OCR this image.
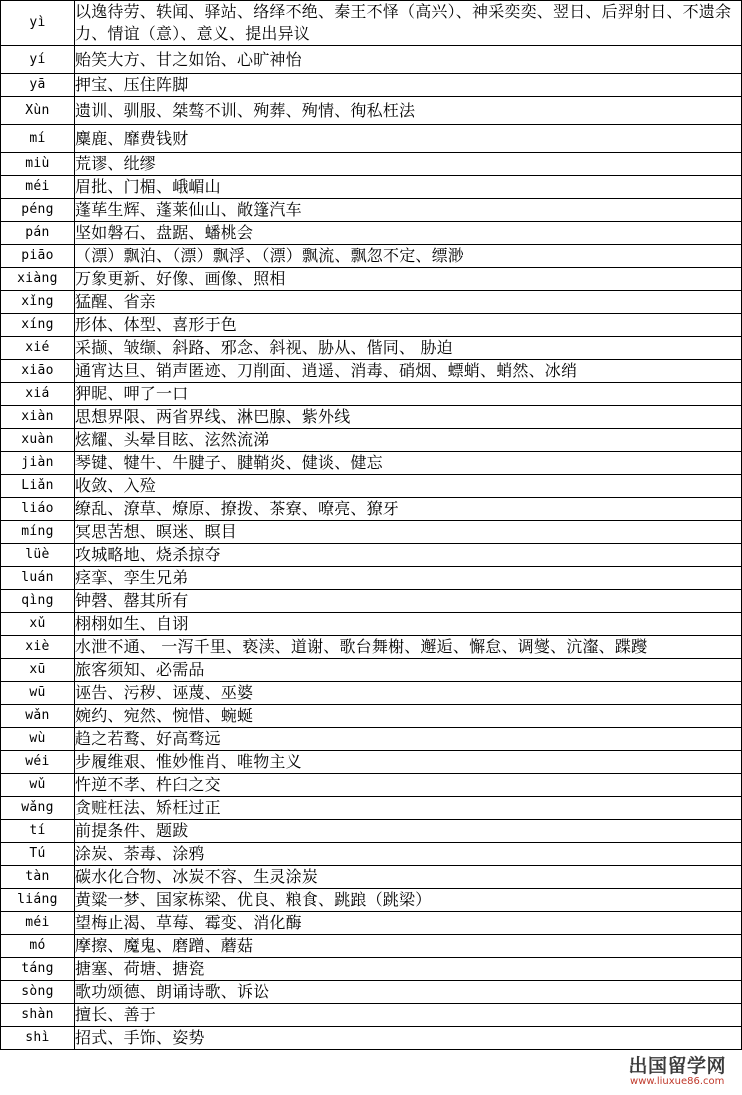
yì	以逸待劳、轶闻、驿站、络绎不绝、秦王不怿（高兴）、神采奕奕、翌日、后羿射日、不遗余力、情谊（意）、意义、提出异议
yí	贻笑大方、甘之如饴、心旷神怡
yā	押宝、压住阵脚
Xùn	遗训、驯服、桀骜不训、殉葬、殉情、徇私枉法
mí	麋鹿、靡费钱财
miù	荒谬、纰缪
méi	眉批、门楣、峨嵋山
péng	蓬荜生辉、蓬莱仙山、敞篷汽车
pán	坚如磐石、盘踞、蟠桃会
piāo	（漂）飘泊、（漂）飘浮、（漂）飘流、飘忽不定、缥渺
xiàng	万象更新、好像、画像、照相
xǐng	猛醒、省亲
xíng	形体、体型、喜形于色
xié	采撷、皱缬、斜路、邪念、斜视、胁从、偕同、 胁迫
xiāo	通宵达旦、销声匿迹、刀削面、逍遥、消毒、硝烟、螵蛸、蛸然、冰绡
xiá	狎昵、呷了一口
xiàn	思想界限、两省界线、淋巴腺、紫外线
xuàn	炫耀、头晕目眩、泫然流涕
jiàn	琴键、犍牛、牛腱子、腱鞘炎、健谈、健忘
Liǎn	收敛、入殓
liáo	缭乱、潦草、燎原、撩拨、茶寮、嘹亮、獠牙
míng	冥思苦想、暝迷、瞑目
lüè	攻城略地、烧杀掠夺
luán	痉挛、孪生兄弟
qìng	钟磬、罄其所有
xǔ	栩栩如生、自诩
xiè	水泄不通、 一泻千里、亵渎、道谢、歌台舞榭、邂逅、懈怠、调燮、沆瀣、蹀躞
xū	旅客须知、必需品
wū	诬告、污秽、诬蔑、巫婆
wǎn	婉约、宛然、惋惜、蜿蜒
wù	趋之若鹜、好高骛远
wéi	步履维艰、惟妙惟肖、唯物主义
wǔ	忤逆不孝、杵臼之交
wǎng	贪赃枉法、矫枉过正
tí	前提条件、题跋
Tú	涂炭、荼毒、涂鸦
tàn	碳水化合物、冰炭不容、生灵涂炭
liáng	黄粱一梦、国家栋梁、优良、粮食、跳踉（跳梁）
méi	望梅止渴、草莓、霉变、消化酶
mó	摩擦、魔鬼、磨蹭、蘑菇
táng	搪塞、荷塘、搪瓷
sòng	歌功颂德、朗诵诗歌、诉讼
shàn	擅长、善于
shì	招式、手饰、姿势
出国留学网
www.liuxue86.com
